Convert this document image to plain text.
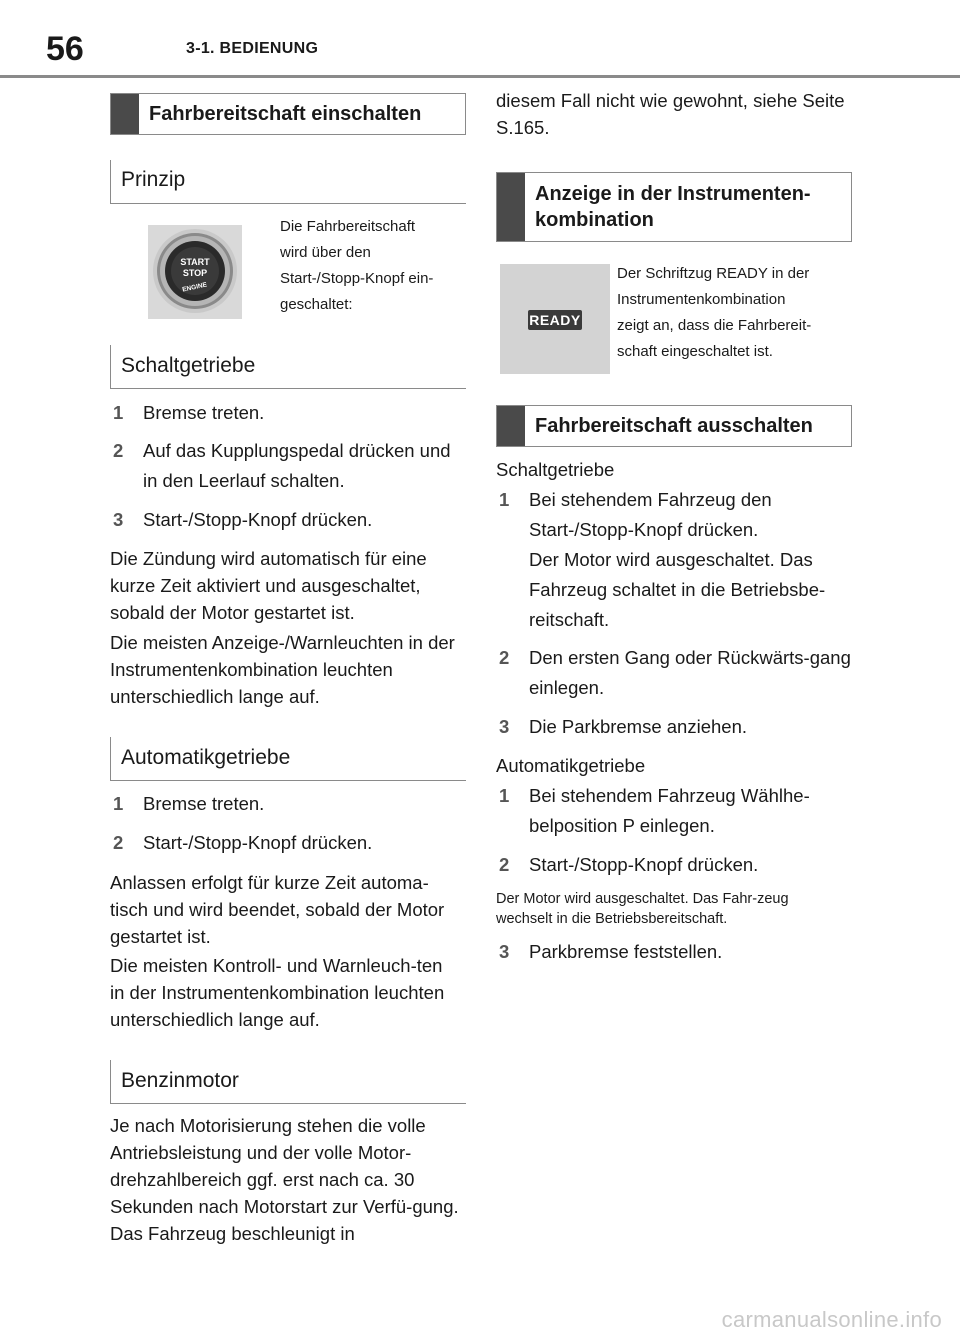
56	3-1. BEDIENUNG
Fahrbereitschaft einschalten
Prinzip
START
STOP
ENGINE
Die Fahrbereitschaft
wird über den
Start-/Stopp-Knopf ein-
geschaltet:
Schaltgetriebe
1 Bremse treten.
2 Auf das Kupplungspedal drücken und in den Leerlauf schalten.
3 Start-/Stopp-Knopf drücken.
Die Zündung wird automatisch für eine kurze Zeit aktiviert und ausgeschaltet, sobald der Motor gestartet ist.
Die meisten Anzeige-/Warnleuchten in der Instrumentenkombination leuchten unterschiedlich lange auf.
Automatikgetriebe
1 Bremse treten.
2 Start-/Stopp-Knopf drücken.
Anlassen erfolgt für kurze Zeit automa-tisch und wird beendet, sobald der Motor gestartet ist.
Die meisten Kontroll- und Warnleuch-ten in der Instrumentenkombination leuchten unterschiedlich lange auf.
Benzinmotor
Je nach Motorisierung stehen die volle Antriebsleistung und der volle Motor-drehzahlbereich ggf. erst nach ca. 30 Sekunden nach Motorstart zur Verfü-gung. Das Fahrzeug beschleunigt in
diesem Fall nicht wie gewohnt, siehe Seite S.165.
Anzeige in der Instrumenten-kombination
READY
Der Schriftzug READY in der
Instrumentenkombination
zeigt an, dass die Fahrbereit-
schaft eingeschaltet ist.
Fahrbereitschaft ausschalten
Schaltgetriebe
1 Bei stehendem Fahrzeug den Start-/Stopp-Knopf drücken.
Der Motor wird ausgeschaltet. Das Fahrzeug schaltet in die Betriebsbe-reitschaft.
2 Den ersten Gang oder Rückwärts-gang einlegen.
3 Die Parkbremse anziehen.
Automatikgetriebe
1 Bei stehendem Fahrzeug Wählhe-belposition P einlegen.
2 Start-/Stopp-Knopf drücken.
Der Motor wird ausgeschaltet. Das Fahr-zeug wechselt in die Betriebsbereitschaft.
3 Parkbremse feststellen.
carmanualsonline.info
